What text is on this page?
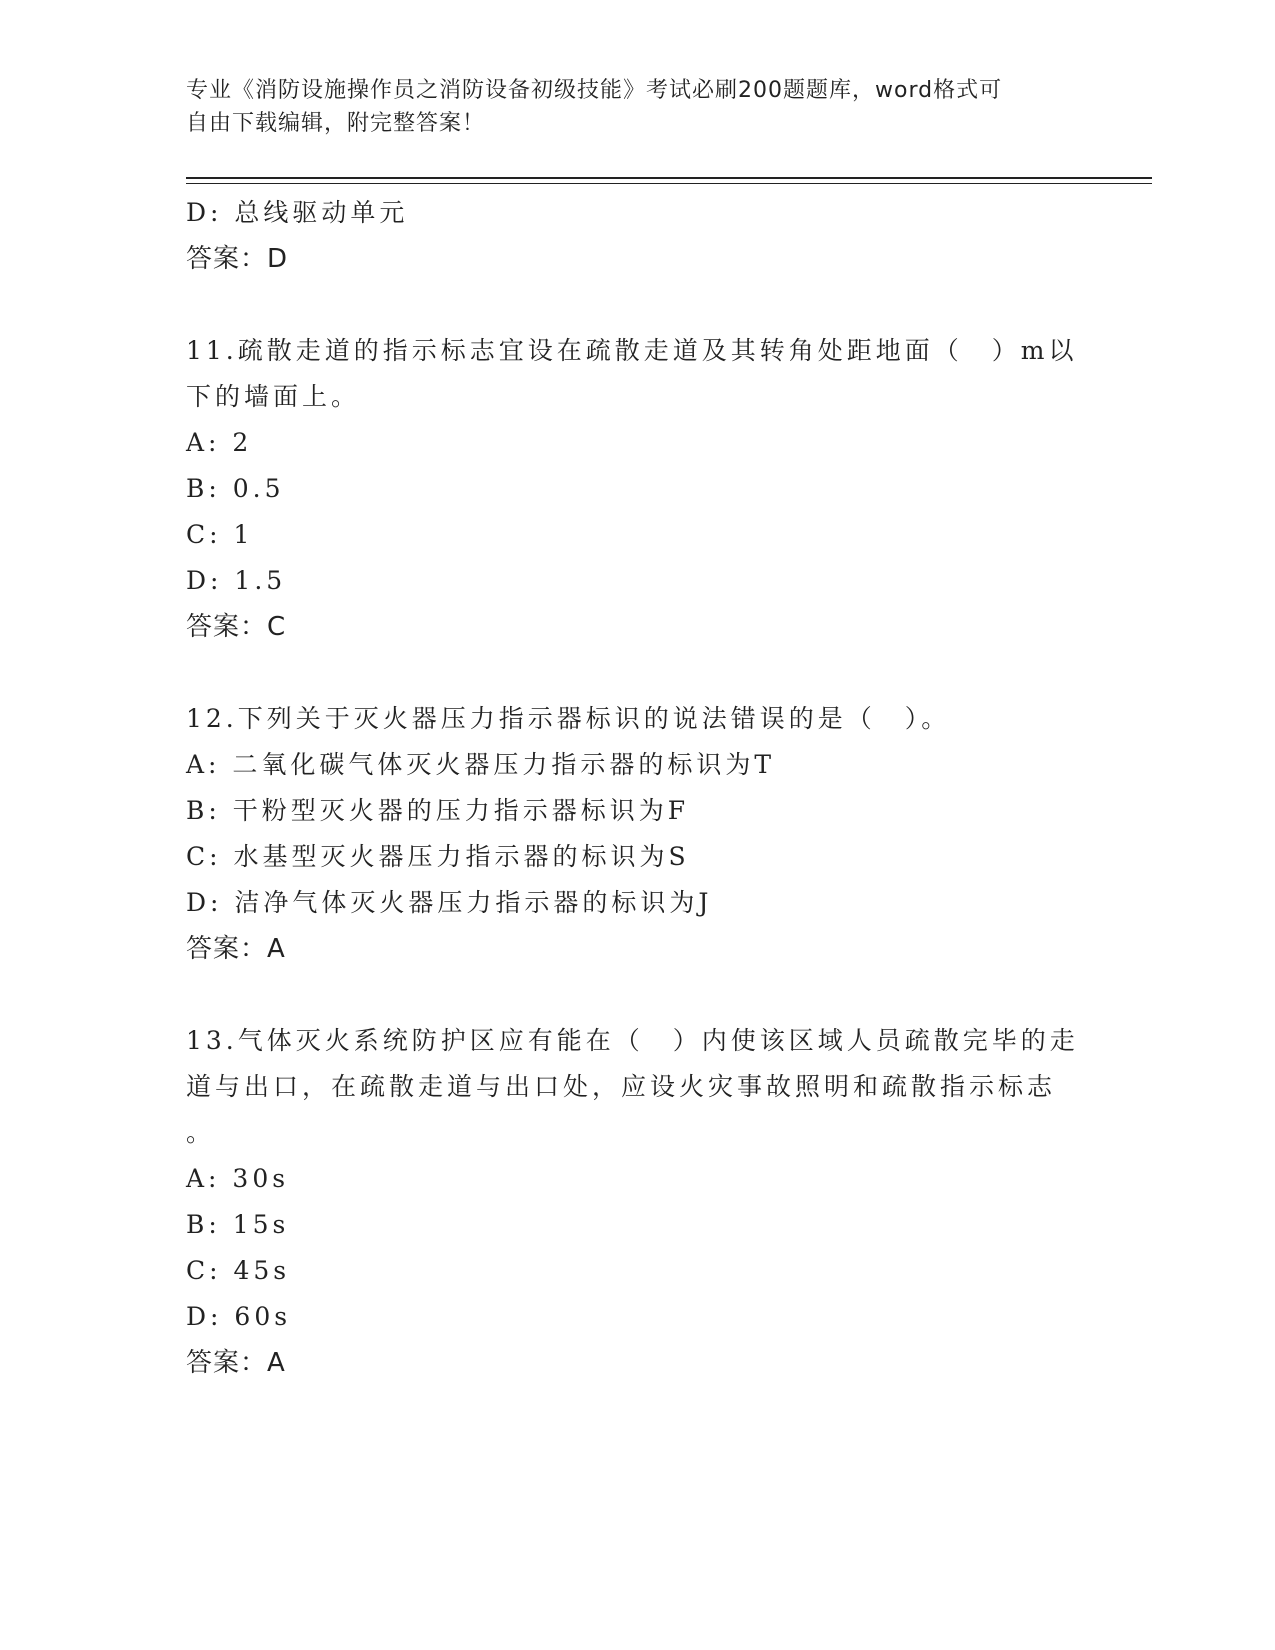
专业《消防设施操作员之消防设备初级技能》考试必刷200题题库，word格式可
自由下载编辑，附完整答案！
D: 总线驱动单元
答案：D
11.疏散走道的指示标志宜设在疏散走道及其转角处距地面（　）m以
下的墙面上。
A: 2
B: 0.5
C: 1
D: 1.5
答案：C
12.下列关于灭火器压力指示器标识的说法错误的是（　）。
A: 二氧化碳气体灭火器压力指示器的标识为T
B: 干粉型灭火器的压力指示器标识为F
C: 水基型灭火器压力指示器的标识为S
D: 洁净气体灭火器压力指示器的标识为J
答案：A
13.气体灭火系统防护区应有能在（　）内使该区域人员疏散完毕的走
道与出口，在疏散走道与出口处，应设火灾事故照明和疏散指示标志
。
A: 30s
B: 15s
C: 45s
D: 60s
答案：A
